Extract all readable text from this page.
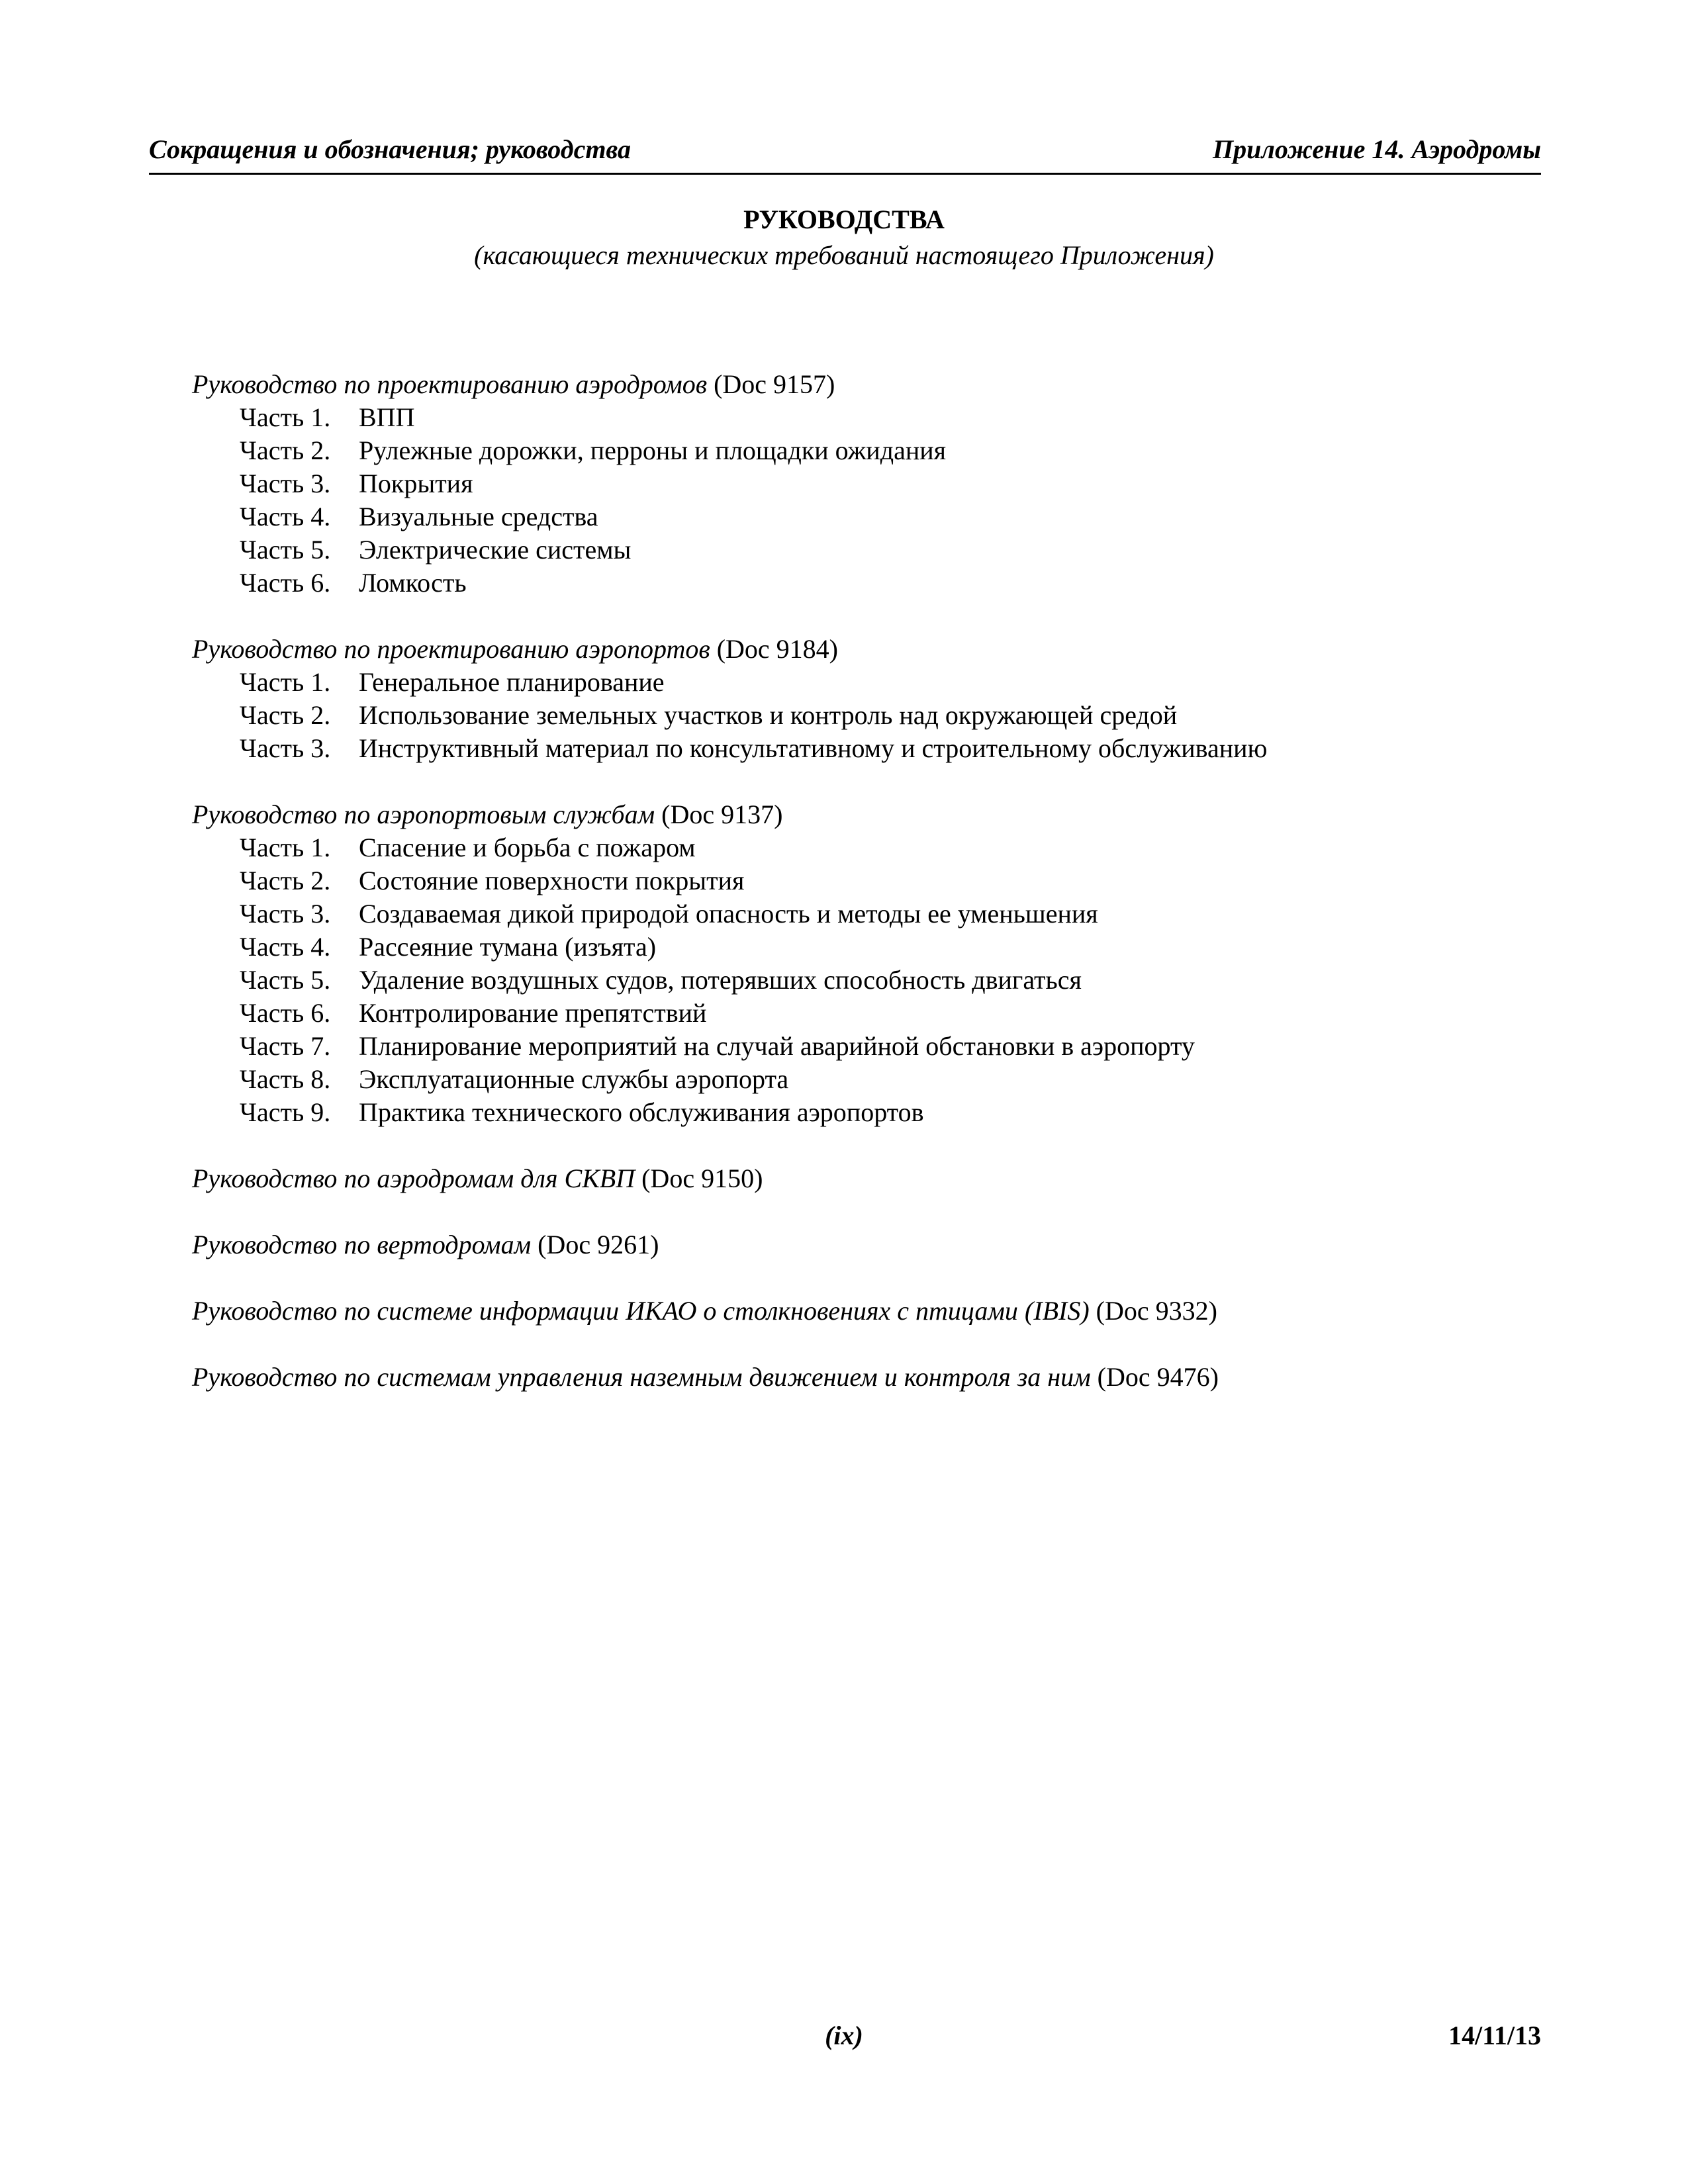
Сокращения и обозначения; руководства	Приложение 14. Аэродромы
РУКОВОДСТВА
(касающиеся технических требований настоящего Приложения)
Руководство по проектированию аэродромов (Doc 9157)
Часть 1.	ВПП
Часть 2.	Рулежные дорожки, перроны и площадки ожидания
Часть 3.	Покрытия
Часть 4.	Визуальные средства
Часть 5.	Электрические системы
Часть 6.	Ломкость
Руководство по проектированию аэропортов (Doc 9184)
Часть 1.	Генеральное планирование
Часть 2.	Использование земельных участков и контроль над окружающей средой
Часть 3.	Инструктивный материал по консультативному и строительному обслуживанию
Руководство по аэропортовым службам (Doc 9137)
Часть 1.	Спасение и борьба с пожаром
Часть 2.	Состояние поверхности покрытия
Часть 3.	Создаваемая дикой природой опасность и методы ее уменьшения
Часть 4.	Рассеяние тумана (изъята)
Часть 5.	Удаление воздушных судов, потерявших способность двигаться
Часть 6.	Контролирование препятствий
Часть 7.	Планирование мероприятий на случай аварийной обстановки в аэропорту
Часть 8.	Эксплуатационные службы аэропорта
Часть 9.	Практика технического обслуживания аэропортов
Руководство по аэродромам для СКВП (Doc 9150)
Руководство по вертодромам (Doc 9261)
Руководство по системе информации ИКАО о столкновениях с птицами (IBIS) (Doc 9332)
Руководство по системам управления наземным движением и контроля за ним (Doc 9476)
(ix)	14/11/13
